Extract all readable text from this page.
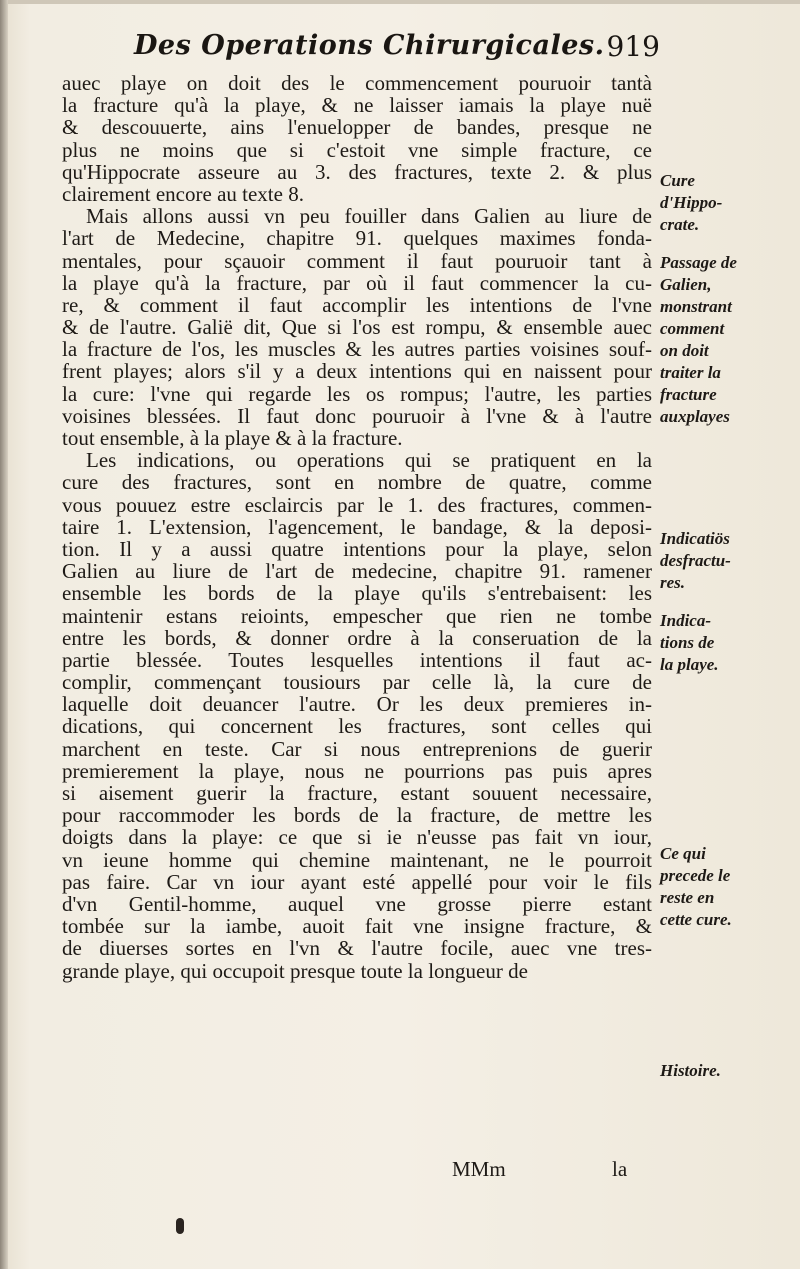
Des Operations Chirurgicales. 919
auec playe on doit des le commencement pouruoir tantà
la fracture qu'à la playe, & ne laisser iamais la playe nuë
& descouuerte, ains l'enuelopper de bandes, presque ne
plus ne moins que si c'estoit vne simple fracture, ce
qu'Hippocrate asseure au 3. des fractures, texte 2. & plus
clairement encore au texte 8.
Mais allons aussi vn peu fouiller dans Galien au liure de
l'art de Medecine, chapitre 91. quelques maximes fonda-
mentales, pour sçauoir comment il faut pouruoir tant à
la playe qu'à la fracture, par où il faut commencer la cu-
re, & comment il faut accomplir les intentions de l'vne
& de l'autre. Galië dit, Que si l'os est rompu, & ensemble auec
la fracture de l'os, les muscles & les autres parties voisines souf-
frent playes; alors s'il y a deux intentions qui en naissent pour
la cure: l'vne qui regarde les os rompus; l'autre, les parties
voisines blessées. Il faut donc pouruoir à l'vne & à l'autre
tout ensemble, à la playe & à la fracture.
Les indications, ou operations qui se pratiquent en la
cure des fractures, sont en nombre de quatre, comme
vous pouuez estre esclaircis par le 1. des fractures, commen-
taire 1. L'extension, l'agencement, le bandage, & la deposi-
tion. Il y a aussi quatre intentions pour la playe, selon
Galien au liure de l'art de medecine, chapitre 91. ramener
ensemble les bords de la playe qu'ils s'entrebaisent: les
maintenir estans reioints, empescher que rien ne tombe
entre les bords, & donner ordre à la conseruation de la
partie blessée. Toutes lesquelles intentions il faut ac-
complir, commençant tousiours par celle là, la cure de
laquelle doit deuancer l'autre. Or les deux premieres in-
dications, qui concernent les fractures, sont celles qui
marchent en teste. Car si nous entreprenions de guerir
premierement la playe, nous ne pourrions pas puis apres
si aisement guerir la fracture, estant souuent necessaire,
pour raccommoder les bords de la fracture, de mettre les
doigts dans la playe: ce que si ie n'eusse pas fait vn iour,
vn ieune homme qui chemine maintenant, ne le pourroit
pas faire. Car vn iour ayant esté appellé pour voir le fils
d'vn Gentil-homme, auquel vne grosse pierre estant
tombée sur la iambe, auoit fait vne insigne fracture, &
de diuerses sortes en l'vn & l'autre focile, auec vne tres-
grande playe, qui occupoit presque toute la longueur de
Cure
d'Hippo-
crate.
Passage de
Galien,
monstrant
comment
on doit
traiter la
fracture
auxplayes
Indicatiös
desfractu-
res.
Indica-
tions de
la playe.
Ce qui
precede le
reste en
cette cure.
Histoire.
MMm	la
